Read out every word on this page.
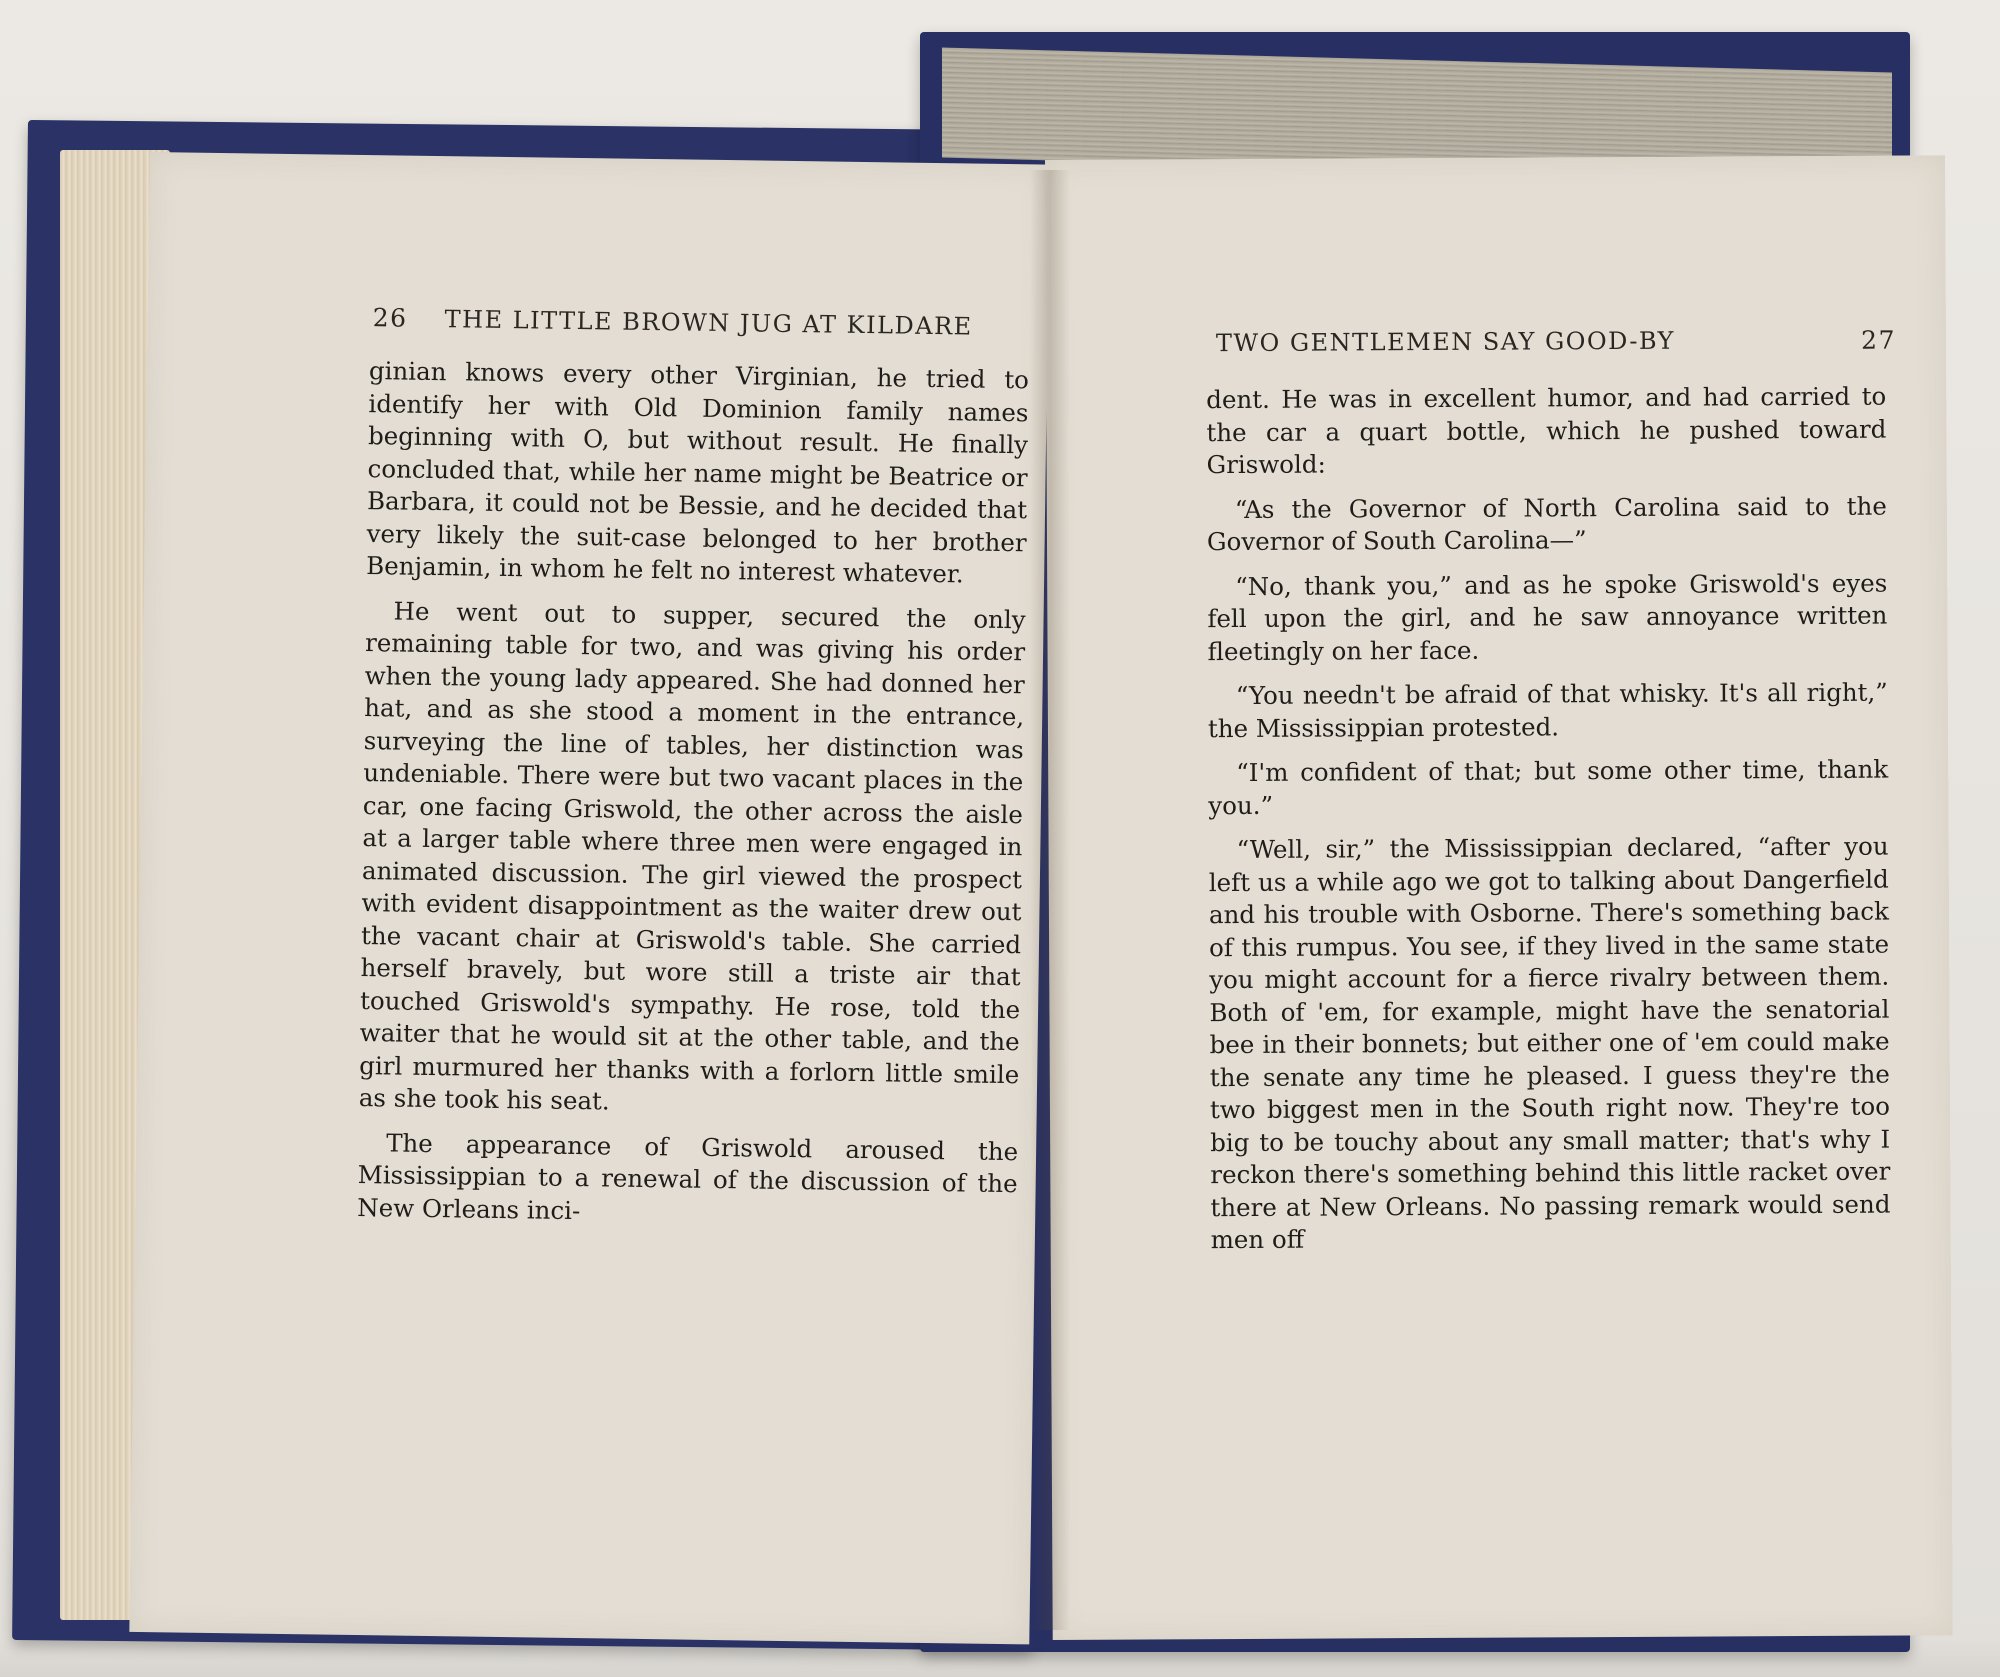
26 THE LITTLE BROWN JUG AT KILDARE

ginian knows every other Virginian, he tried to identify her with Old Dominion family names beginning with O, but without result. He finally concluded that, while her name might be Beatrice or Barbara, it could not be Bessie, and he decided that very likely the suit-case belonged to her brother Benjamin, in whom he felt no interest whatever.

He went out to supper, secured the only remaining table for two, and was giving his order when the young lady appeared. She had donned her hat, and as she stood a moment in the entrance, surveying the line of tables, her distinction was undeniable. There were but two vacant places in the car, one facing Griswold, the other across the aisle at a larger table where three men were engaged in animated discussion. The girl viewed the prospect with evident disappointment as the waiter drew out the vacant chair at Griswold's table. She carried herself bravely, but wore still a triste air that touched Griswold's sympathy. He rose, told the waiter that he would sit at the other table, and the girl murmured her thanks with a forlorn little smile as she took his seat.

The appearance of Griswold aroused the Mississippian to a renewal of the discussion of the New Orleans inci-

TWO GENTLEMEN SAY GOOD-BY	27

dent. He was in excellent humor, and had carried to the car a quart bottle, which he pushed toward Griswold:

“As the Governor of North Carolina said to the Governor of South Carolina—”

“No, thank you,” and as he spoke Griswold's eyes fell upon the girl, and he saw annoyance written fleetingly on her face.

“You needn't be afraid of that whisky. It's all right,” the Mississippian protested.

“I'm confident of that; but some other time, thank you.”

“Well, sir,” the Mississippian declared, “after you left us a while ago we got to talking about Dangerfield and his trouble with Osborne. There's something back of this rumpus. You see, if they lived in the same state you might account for a fierce rivalry between them. Both of 'em, for example, might have the senatorial bee in their bonnets; but either one of 'em could make the senate any time he pleased. I guess they're the two biggest men in the South right now. They're too big to be touchy about any small matter; that's why I reckon there's something behind this little racket over there at New Orleans. No passing remark would send men off
